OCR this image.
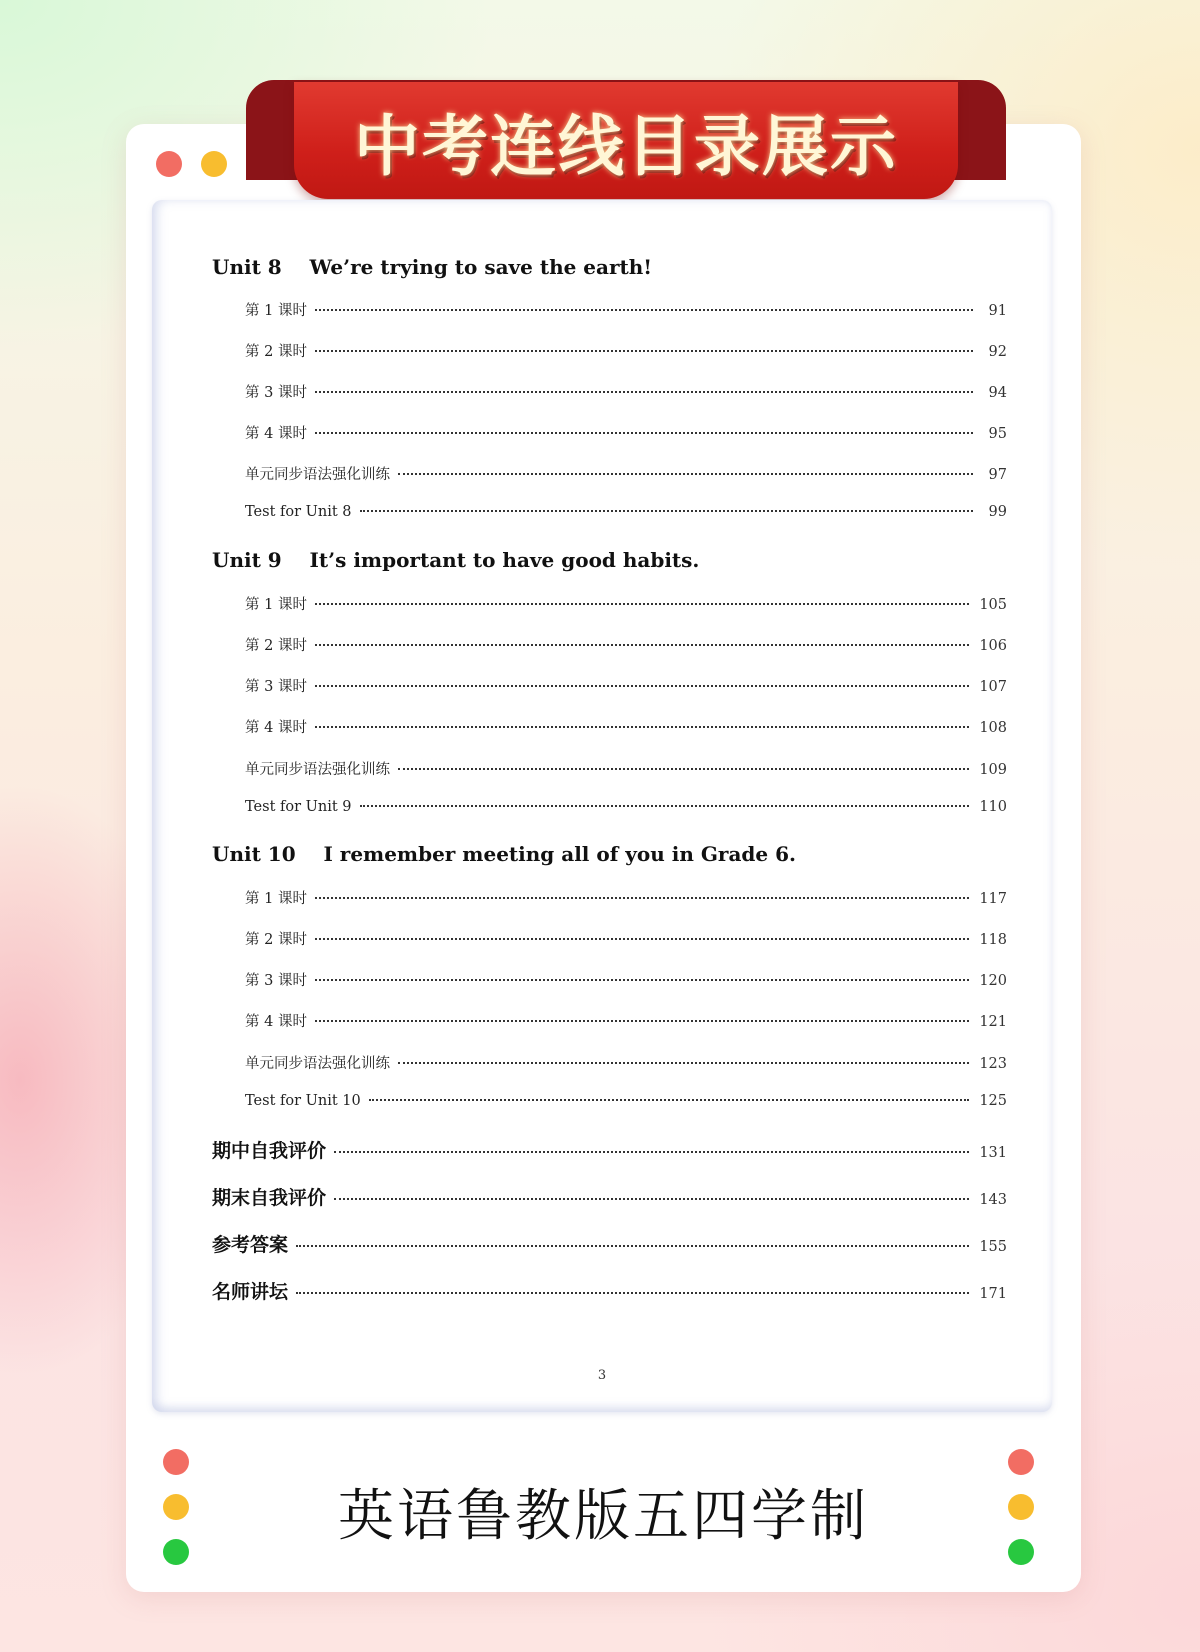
中考连线目录展示
Unit 8    We’re trying to save the earth!
第 1 课时	91
第 2 课时	92
第 3 课时	94
第 4 课时	95
单元同步语法强化训练	97
Test for Unit 8	99
Unit 9    It’s important to have good habits.
第 1 课时	105
第 2 课时	106
第 3 课时	107
第 4 课时	108
单元同步语法强化训练	109
Test for Unit 9	110
Unit 10    I remember meeting all of you in Grade 6.
第 1 课时	117
第 2 课时	118
第 3 课时	120
第 4 课时	121
单元同步语法强化训练	123
Test for Unit 10	125
期中自我评价	131
期末自我评价	143
参考答案	155
名师讲坛	171
3
英语鲁教版五四学制
